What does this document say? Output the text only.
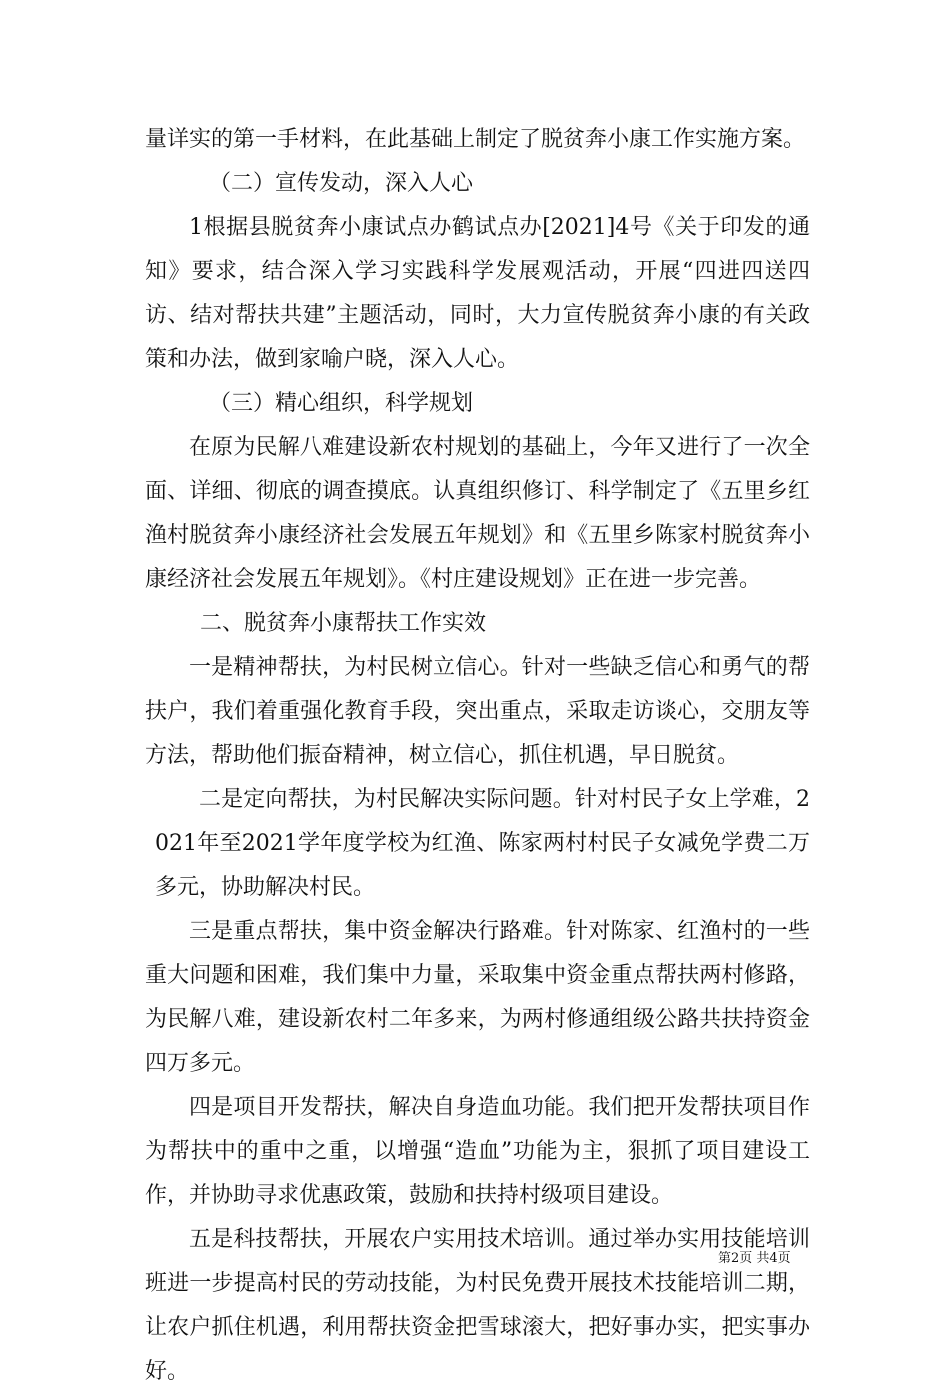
量详实的第一手材料，在此基础上制定了脱贫奔小康工作实施方案。

（二）宣传发动，深入人心

1根据县脱贫奔小康试点办鹤试点办[2021]4号《关于印发的通知》要求，结合深入学习实践科学发展观活动，开展“四进四送四访、结对帮扶共建”主题活动，同时，大力宣传脱贫奔小康的有关政策和办法，做到家喻户晓，深入人心。

（三）精心组织，科学规划

在原为民解八难建设新农村规划的基础上，今年又进行了一次全面、详细、彻底的调查摸底。认真组织修订、科学制定了《五里乡红渔村脱贫奔小康经济社会发展五年规划》和《五里乡陈家村脱贫奔小康经济社会发展五年规划》。《村庄建设规划》正在进一步完善。

二、脱贫奔小康帮扶工作实效

一是精神帮扶，为村民树立信心。针对一些缺乏信心和勇气的帮扶户，我们着重强化教育手段，突出重点，采取走访谈心，交朋友等方法，帮助他们振奋精神，树立信心，抓住机遇，早日脱贫。

二是定向帮扶，为村民解决实际问题。针对村民子女上学难，2021年至2021学年度学校为红渔、陈家两村村民子女减免学费二万多元，协助解决村民。

三是重点帮扶，集中资金解决行路难。针对陈家、红渔村的一些重大问题和困难，我们集中力量，采取集中资金重点帮扶两村修路，为民解八难，建设新农村二年多来，为两村修通组级公路共扶持资金四万多元。

四是项目开发帮扶，解决自身造血功能。我们把开发帮扶项目作为帮扶中的重中之重，以增强“造血”功能为主，狠抓了项目建设工作，并协助寻求优惠政策，鼓励和扶持村级项目建设。

五是科技帮扶，开展农户实用技术培训。通过举办实用技能培训班进一步提高村民的劳动技能，为村民免费开展技术技能培训二期，让农户抓住机遇，利用帮扶资金把雪球滚大，把好事办实，把实事办好。

第2页 共4页
